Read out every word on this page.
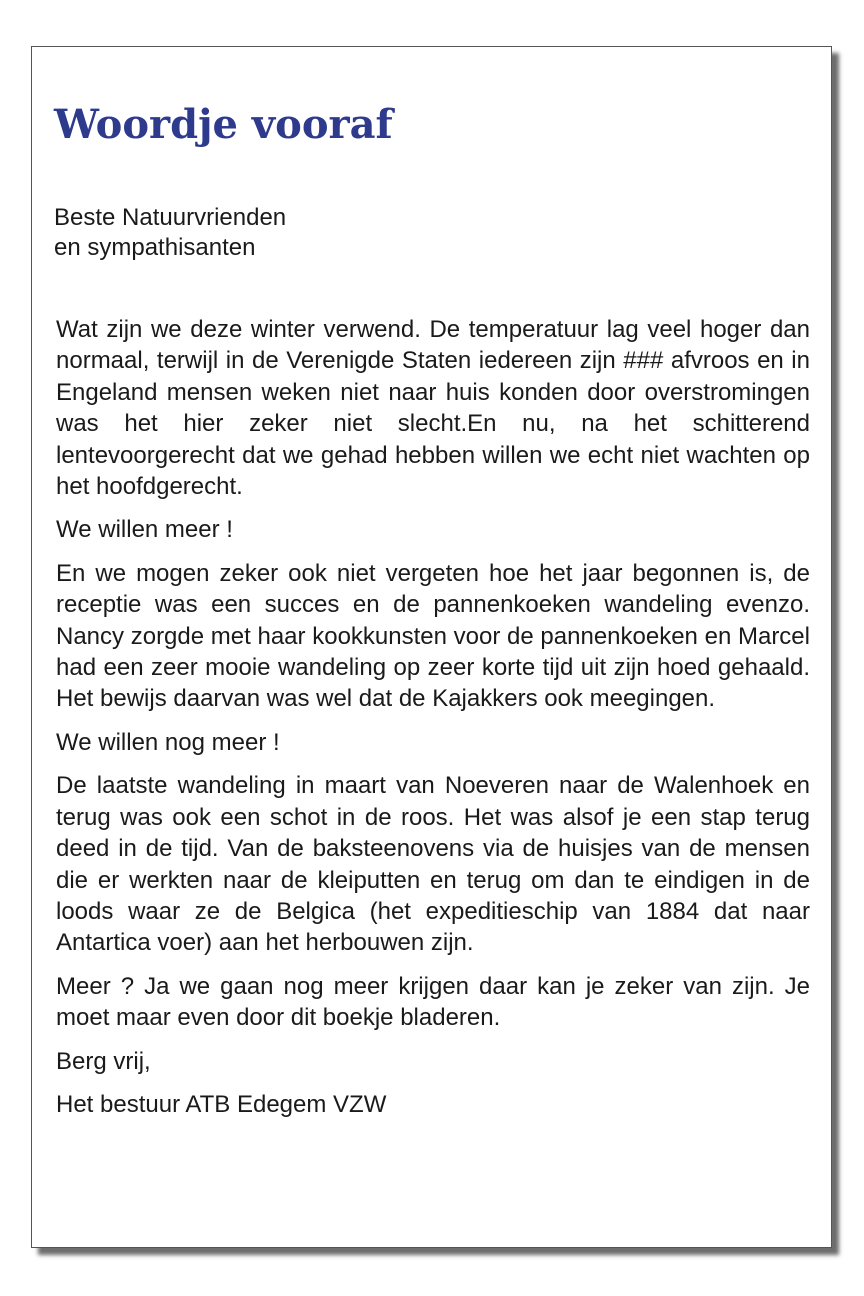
Woordje vooraf
Beste Natuurvrienden
en sympathisanten

Wat zijn we deze winter verwend. De temperatuur lag veel hoger dan normaal, terwijl in de Verenigde Staten iedereen zijn ### afvroos en in Engeland mensen weken niet naar huis konden door overstromingen was het hier zeker niet slecht.En nu, na het schitterend lentevoorgerecht dat we gehad hebben willen we echt niet wachten op het hoofdgerecht.

We willen meer !

En we mogen zeker ook niet vergeten hoe het jaar begonnen is, de receptie was een succes en de pannenkoeken wandeling evenzo. Nancy zorgde met haar kookkunsten voor de pannenkoeken en Marcel had een zeer mooie wandeling op zeer korte tijd uit zijn hoed gehaald. Het bewijs daarvan was wel dat de Kajakkers ook meegingen.

We willen nog meer !

De laatste wandeling in maart van Noeveren naar de Walenhoek en terug was ook een schot in de roos. Het was alsof je een stap terug deed in de tijd. Van de baksteenovens via de huisjes van de mensen die er werkten naar de kleiputten en terug om dan te eindigen in de loods waar ze de Belgica (het expeditieschip van 1884 dat naar Antartica voer) aan het herbouwen zijn.

Meer ? Ja we gaan nog meer krijgen daar kan je zeker van zijn. Je moet maar even door dit boekje bladeren.

Berg vrij,

Het bestuur ATB Edegem VZW
